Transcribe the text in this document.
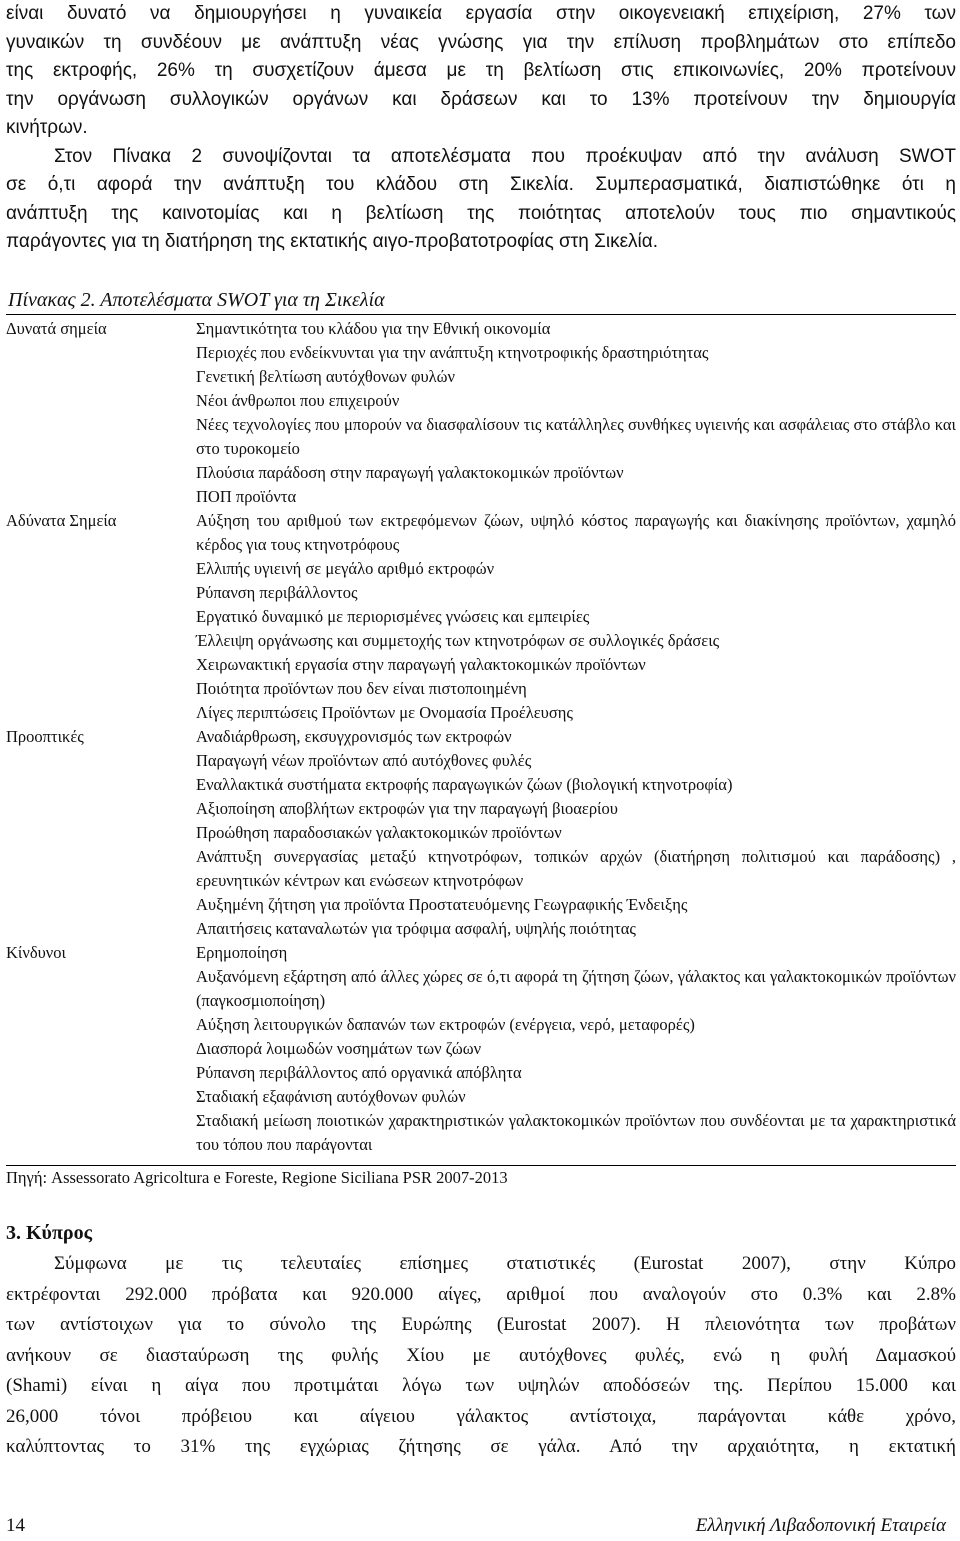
είναι δυνατό να δημιουργήσει η γυναικεία εργασία στην οικογενειακή επιχείριση, 27% των

γυναικών τη συνδέουν με ανάπτυξη νέας γνώσης για την επίλυση προβλημάτων στο επίπεδο

της εκτροφής, 26% τη συσχετίζουν άμεσα με τη βελτίωση στις επικοινωνίες, 20% προτείνουν

την οργάνωση συλλογικών οργάνων και δράσεων και το 13% προτείνουν την δημιουργία

κινήτρων.

Στον Πίνακα 2 συνοψίζονται τα αποτελέσματα που προέκυψαν από την ανάλυση SWOT

σε ό,τι αφορά την ανάπτυξη του κλάδου στη Σικελία. Συμπερασματικά, διαπιστώθηκε ότι η

ανάπτυξη της καινοτομίας και η βελτίωση της ποιότητας αποτελούν τους πιο σημαντικούς

παράγοντες για τη διατήρηση της εκτατικής αιγο-προβατοτροφίας στη Σικελία.

Πίνακας 2. Αποτελέσματα SWOT για τη Σικελία

Δυνατά σημεία	Σημαντικότητα του κλάδου για την Εθνική οικονομία
Περιοχές που ενδείκνυνται για την ανάπτυξη κτηνοτροφικής δραστηριότητας
Γενετική βελτίωση αυτόχθονων φυλών
Νέοι άνθρωποι που επιχειρούν
Νέες τεχνολογίες που μπορούν να διασφαλίσουν τις κατάλληλες συνθήκες υγιεινής και ασφάλειας στο στάβλο και στο τυροκομείο
Πλούσια παράδοση στην παραγωγή γαλακτοκομικών προϊόντων
ΠΟΠ προϊόντα
Αδύνατα Σημεία	Αύξηση του αριθμού των εκτρεφόμενων ζώων, υψηλό κόστος παραγωγής και διακίνησης προϊόντων, χαμηλό κέρδος για τους κτηνοτρόφους
Ελλιπής υγιεινή σε μεγάλο αριθμό εκτροφών
Ρύπανση περιβάλλοντος
Εργατικό δυναμικό με περιορισμένες γνώσεις και εμπειρίες
Έλλειψη οργάνωσης και συμμετοχής των κτηνοτρόφων σε συλλογικές δράσεις
Χειρωνακτική εργασία στην παραγωγή γαλακτοκομικών προϊόντων
Ποιότητα προϊόντων που δεν είναι πιστοποιημένη
Λίγες περιπτώσεις Προϊόντων με Ονομασία Προέλευσης
Προοπτικές	Αναδιάρθρωση, εκσυγχρονισμός των εκτροφών
Παραγωγή νέων προϊόντων από αυτόχθονες φυλές
Εναλλακτικά συστήματα εκτροφής παραγωγικών ζώων (βιολογική κτηνοτροφία)
Αξιοποίηση αποβλήτων εκτροφών για την παραγωγή βιοαερίου
Προώθηση παραδοσιακών γαλακτοκομικών προϊόντων
Ανάπτυξη συνεργασίας μεταξύ κτηνοτρόφων, τοπικών αρχών (διατήρηση πολιτισμού και παράδοσης) , ερευνητικών κέντρων και ενώσεων κτηνοτρόφων
Αυξημένη ζήτηση για προϊόντα Προστατευόμενης Γεωγραφικής Ένδειξης
Απαιτήσεις καταναλωτών για τρόφιμα ασφαλή, υψηλής ποιότητας
Κίνδυνοι	Ερημοποίηση
Αυξανόμενη εξάρτηση από άλλες χώρες σε ό,τι αφορά τη ζήτηση ζώων, γάλακτος και γαλακτοκομικών προϊόντων (παγκοσμιοποίηση)
Αύξηση λειτουργικών δαπανών των εκτροφών (ενέργεια, νερό, μεταφορές)
Διασπορά λοιμωδών νοσημάτων των ζώων
Ρύπανση περιβάλλοντος από οργανικά απόβλητα
Σταδιακή εξαφάνιση αυτόχθονων φυλών
Σταδιακή μείωση ποιοτικών χαρακτηριστικών γαλακτοκομικών προϊόντων που συνδέονται με τα χαρακτηριστικά του τόπου που παράγονται
Πηγή: Assessorato Agricoltura e Foreste, Regione Siciliana PSR 2007-2013

3. Κύπρος

Σύμφωνα με τις τελευταίες επίσημες στατιστικές (Eurostat 2007), στην Κύπρο

εκτρέφονται 292.000 πρόβατα και 920.000 αίγες, αριθμοί που αναλογούν στο 0.3% και 2.8%

των αντίστοιχων για το σύνολο της Ευρώπης (Eurostat 2007). Η πλειονότητα των προβάτων

ανήκουν σε διασταύρωση της φυλής Χίου με αυτόχθονες φυλές, ενώ η φυλή Δαμασκού

(Shami) είναι η αίγα που προτιμάται λόγω των υψηλών αποδόσεών της. Περίπου 15.000 και

26,000 τόνοι πρόβειου και αίγειου γάλακτος αντίστοιχα, παράγονται κάθε χρόνο,

καλύπτοντας το 31% της εγχώριας ζήτησης σε γάλα. Από την αρχαιότητα, η εκτατική

14	Ελληνική Λιβαδοπονική Εταιρεία
